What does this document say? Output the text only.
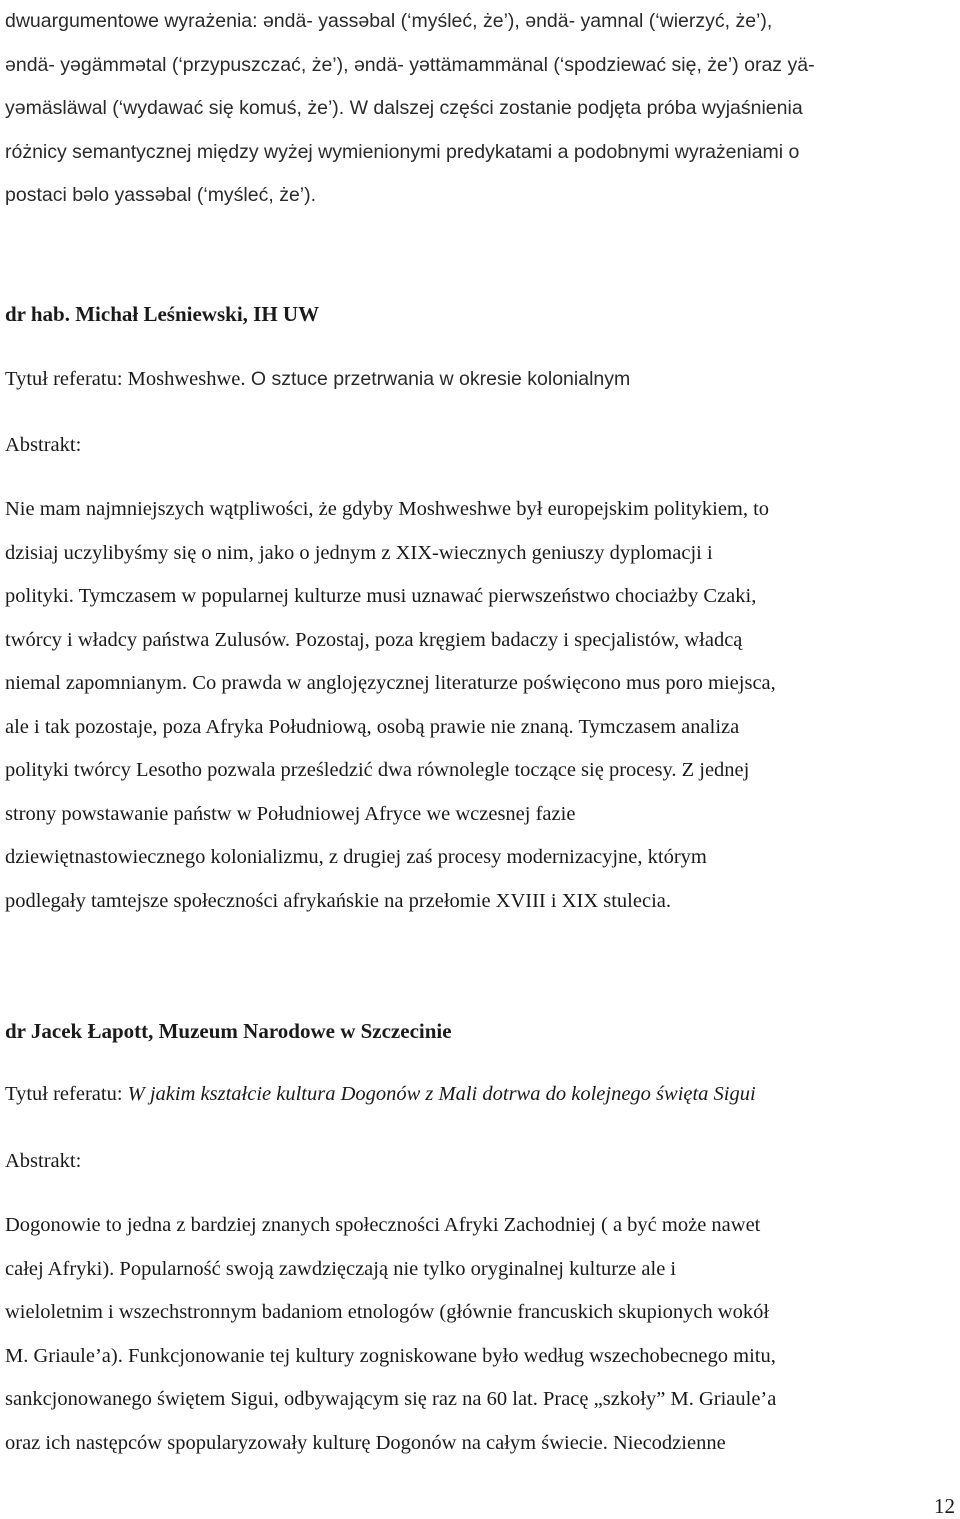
dwuargumentowe wyrażenia: əndä- yassəbal (‘myśleć, że’), əndä- yamnal (‘wierzyć, że’),
əndä- yəgämmətal (‘przypuszczać, że’), əndä- yəttämammänal (‘spodziewać się, że’) oraz yä-
yəmäsläwal (‘wydawać się komuś, że’). W dalszej części zostanie podjęta próba wyjaśnienia
różnicy semantycznej między wyżej wymienionymi predykatami a podobnymi wyrażeniami o
postaci bəlo yassəbal (‘myśleć, że’).

dr hab. Michał Leśniewski, IH UW

Tytuł referatu: Moshweshwe. O sztuce przetrwania w okresie kolonialnym

Abstrakt:

Nie mam najmniejszych wątpliwości, że gdyby Moshweshwe był europejskim politykiem, to
dzisiaj uczylibyśmy się o nim, jako o jednym z XIX-wiecznych geniuszy dyplomacji i
polityki. Tymczasem w popularnej kulturze musi uznawać pierwszeństwo chociażby Czaki,
twórcy i władcy państwa Zulusów. Pozostaj, poza kręgiem badaczy i specjalistów, władcą
niemal zapomnianym. Co prawda w anglojęzycznej literaturze poświęcono mus poro miejsca,
ale i tak pozostaje, poza Afryka Południową, osobą prawie nie znaną. Tymczasem analiza
polityki twórcy Lesotho pozwala prześledzić dwa równolegle toczące się procesy. Z jednej
strony powstawanie państw w Południowej Afryce we wczesnej fazie
dziewiętnastowiecznego kolonializmu, z drugiej zaś procesy modernizacyjne, którym
podlegały tamtejsze społeczności afrykańskie na przełomie XVIII i XIX stulecia.

dr Jacek Łapott, Muzeum Narodowe w Szczecinie

Tytuł referatu: W jakim kształcie kultura Dogonów z Mali dotrwa do kolejnego święta Sigui

Abstrakt:

Dogonowie to jedna z bardziej znanych społeczności Afryki Zachodniej ( a być może nawet
całej Afryki). Popularność swoją zawdzięczają nie tylko oryginalnej kulturze ale i
wieloletnim i wszechstronnym badaniom etnologów (głównie francuskich skupionych wokół
M. Griaule’a). Funkcjonowanie tej kultury zogniskowane było według wszechobecnego mitu,
sankcjonowanego świętem Sigui, odbywającym się raz na 60 lat. Pracę „szkoły” M. Griaule’a
oraz ich następców spopularyzowały kulturę Dogonów na całym świecie. Niecodzienne

12
